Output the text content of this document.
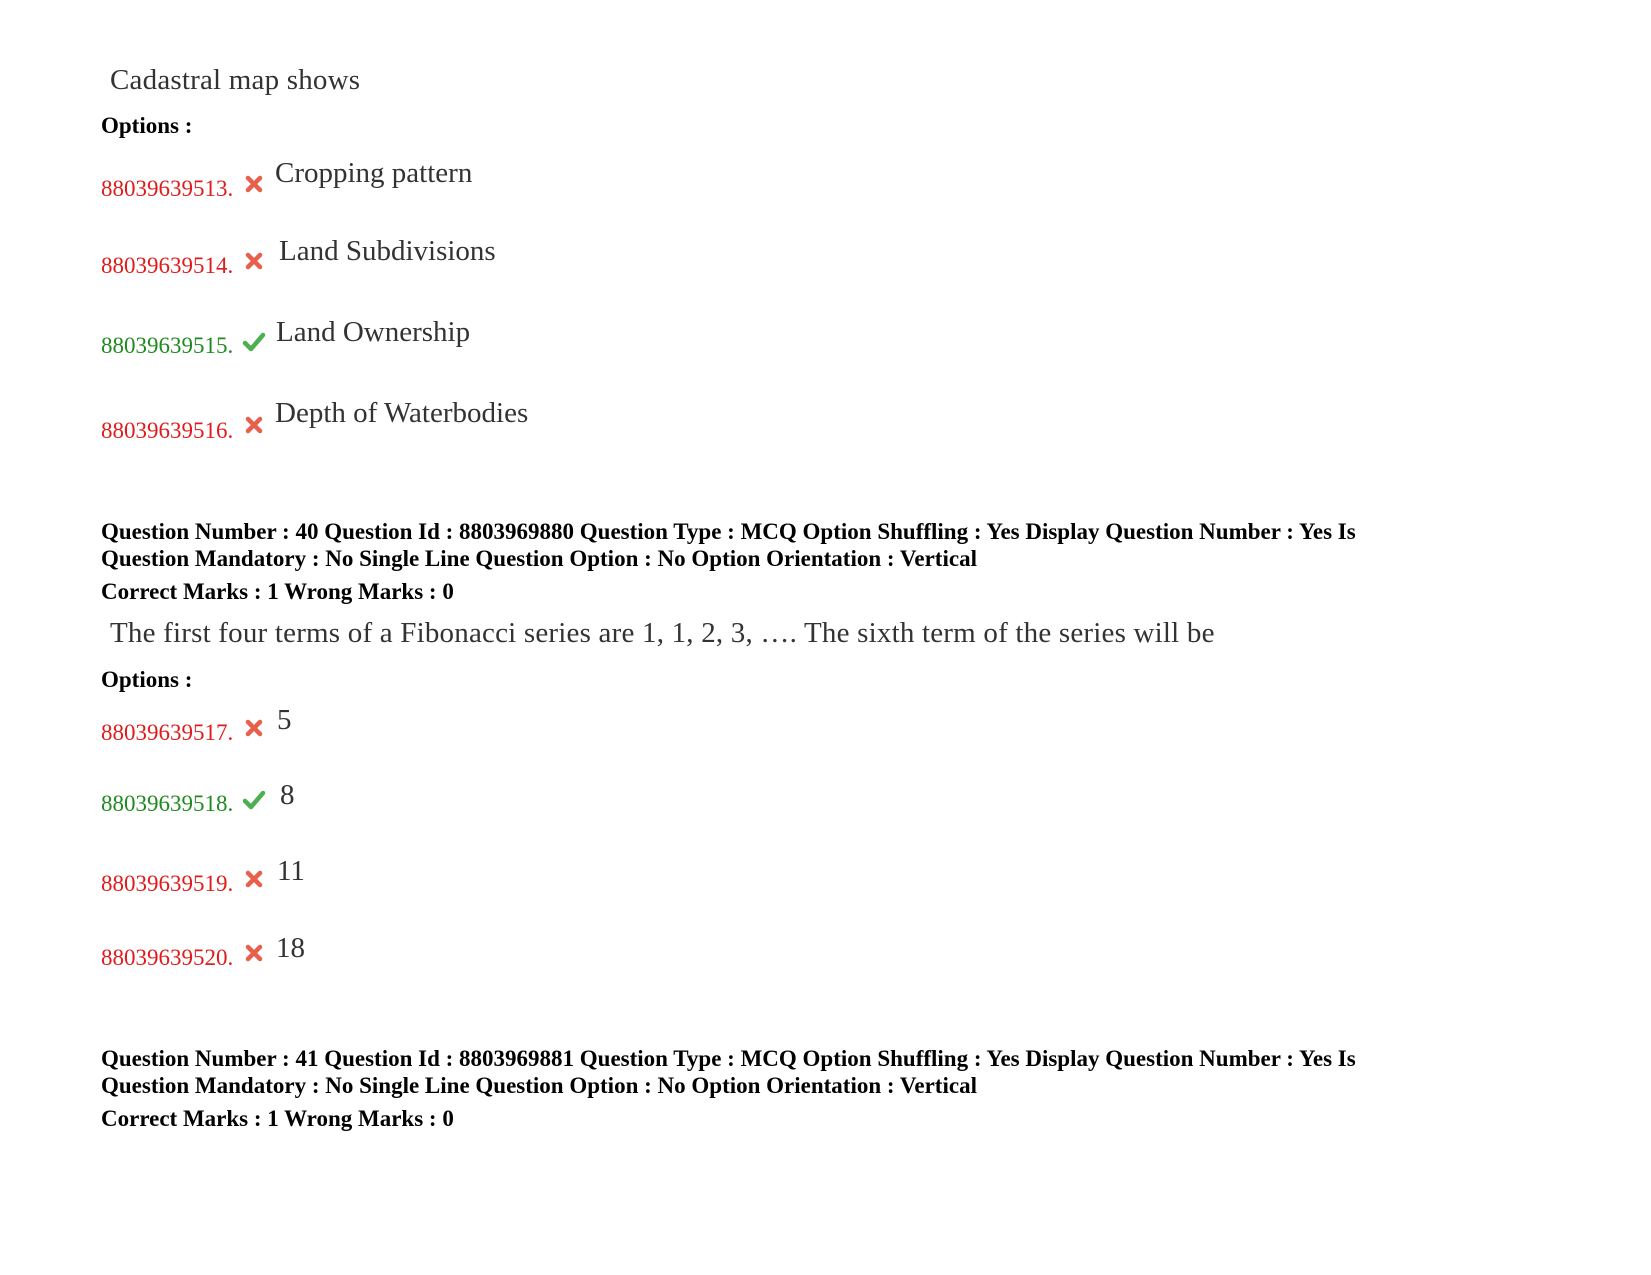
Cadastral map shows
Options :
88039639513. Cropping pattern
88039639514. Land Subdivisions
88039639515. Land Ownership
88039639516.
Depth of Waterbodies
Question Number : 40 Question Id : 8803969880 Question Type : MCQ Option Shuffling : Yes Display Question Number : Yes Is
Question Mandatory : No Single Line Question Option : No Option Orientation : Vertical
Correct Marks : 1 Wrong Marks : 0
The first four terms of a Fibonacci series are 1, 1, 2, 3, …. The sixth term of the series will be
Options :
88039639517. 5
88039639518. 8
88039639519. 11
88039639520. 18
Question Number : 41 Question Id : 8803969881 Question Type : MCQ Option Shuffling : Yes Display Question Number : Yes Is
Question Mandatory : No Single Line Question Option : No Option Orientation : Vertical
Correct Marks : 1 Wrong Marks : 0
